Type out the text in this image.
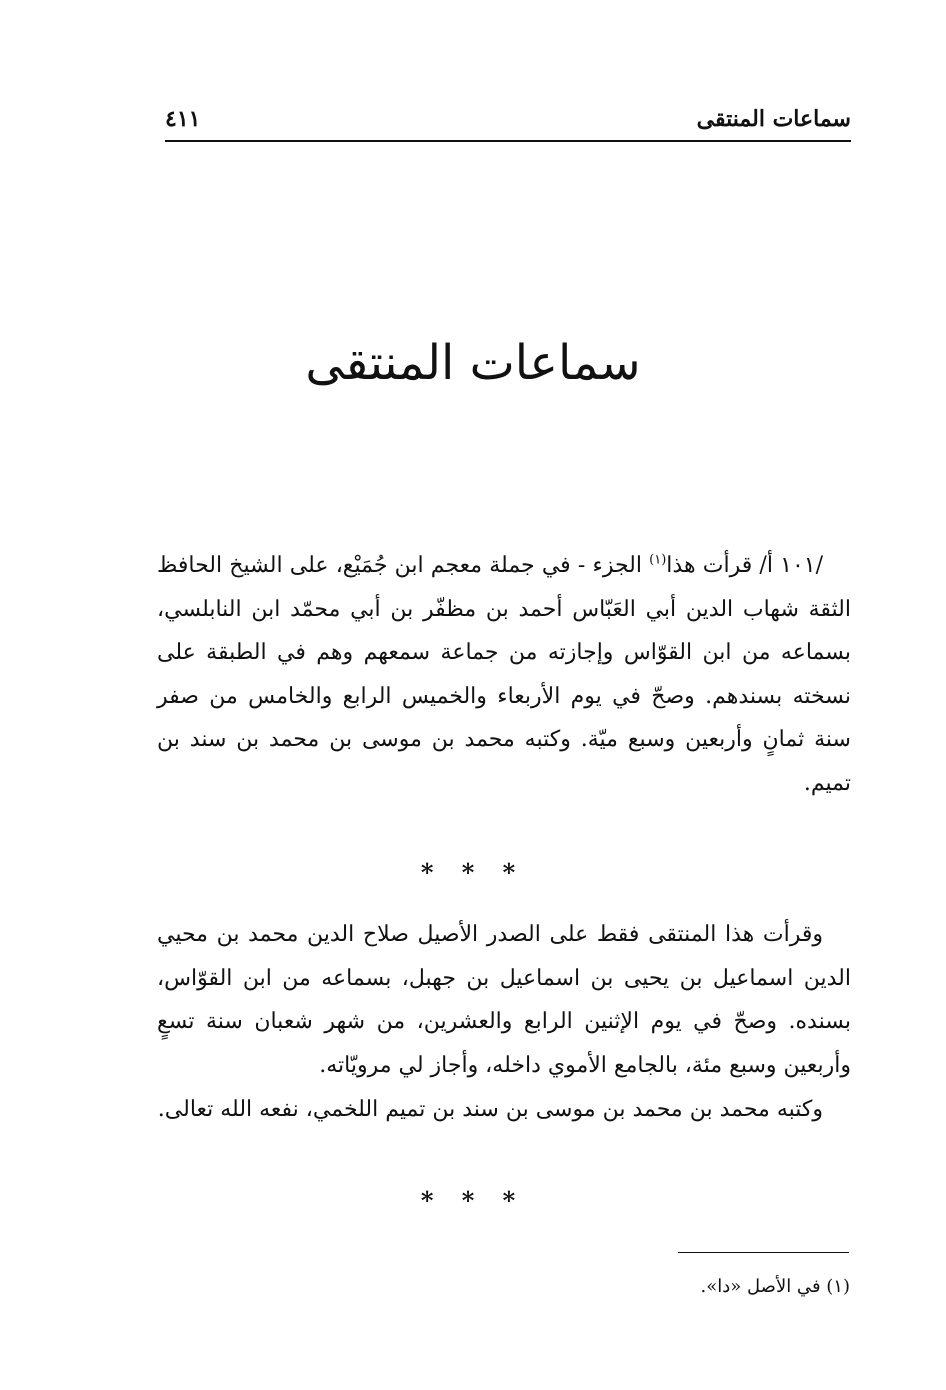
سماعات المنتقى
٤١١
سماعات المنتقى
/١٠١ أ/ قرأت هذا$^{(١)}$ الجزء - في جملة معجم ابن جُمَيْع، على الشيخ الحافظ الثقة شهاب الدين أبي العَبّاس أحمد بن مظفّر بن أبي محمّد ابن النابلسي، بسماعه من ابن القوّاس وإجازته من جماعة سمعهم وهم في الطبقة على نسخته بسندهم. وصحّ في يوم الأربعاء والخميس الرابع والخامس من صفر سنة ثمانٍ وأربعين وسبع ميّة. وكتبه محمد بن موسى بن محمد بن سند بن تميم.
* * *
وقرأت هذا المنتقى فقط على الصدر الأصيل صلاح الدين محمد بن محيي الدين اسماعيل بن يحيى بن اسماعيل بن جهبل، بسماعه من ابن القوّاس، بسنده. وصحّ في يوم الإثنين الرابع والعشرين، من شهر شعبان سنة تسعٍ وأربعين وسبع مئة، بالجامع الأموي داخله، وأجاز لي مرويّاته.
وكتبه محمد بن محمد بن موسى بن سند بن تميم اللخمي، نفعه الله تعالى.
* * *
(١) في الأصل «دا».
